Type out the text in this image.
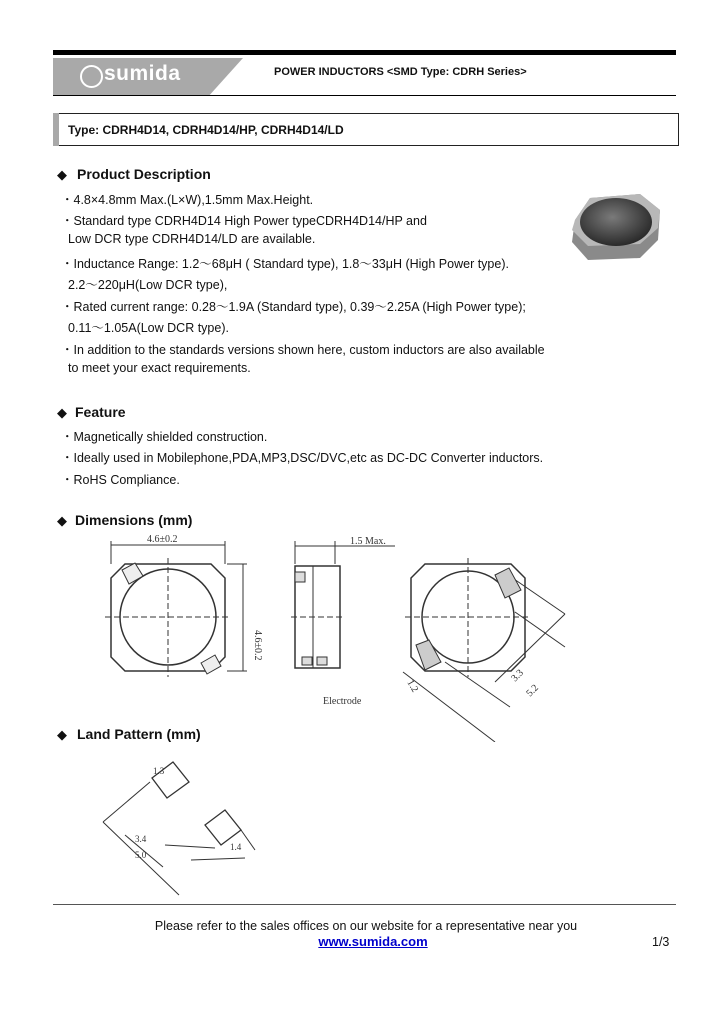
sumida	POWER INDUCTORS <SMD Type: CDRH Series>
Type: CDRH4D14, CDRH4D14/HP, CDRH4D14/LD
◆ Product Description
・4.8×4.8mm Max.(L×W),1.5mm Max.Height.
・Standard type CDRH4D14 High Power typeCDRH4D14/HP and
Low DCR type CDRH4D14/LD are available.
・Inductance Range: 1.2～68μH ( Standard type), 1.8～33μH (High Power type).
2.2～220μH(Low DCR type),
・Rated current range: 0.28～1.9A (Standard type), 0.39～2.25A (High Power type);
0.11～1.05A(Low DCR type).
・In addition to the standards versions shown here, custom inductors are also available
to meet your exact requirements.
◆ Feature
・Magnetically shielded construction.
・Ideally used in Mobilephone,PDA,MP3,DSC/DVC,etc as DC-DC Converter inductors.
・RoHS Compliance.
◆ Dimensions (mm)
4.6±0.2
4.6±0.2
1.5 Max.
Electrode
1.2
3.3
5.2
◆ Land Pattern (mm)
1.3
3.4
5.0
1.4
Please refer to the sales offices on our website for a representative near you
www.sumida.com	1/3
